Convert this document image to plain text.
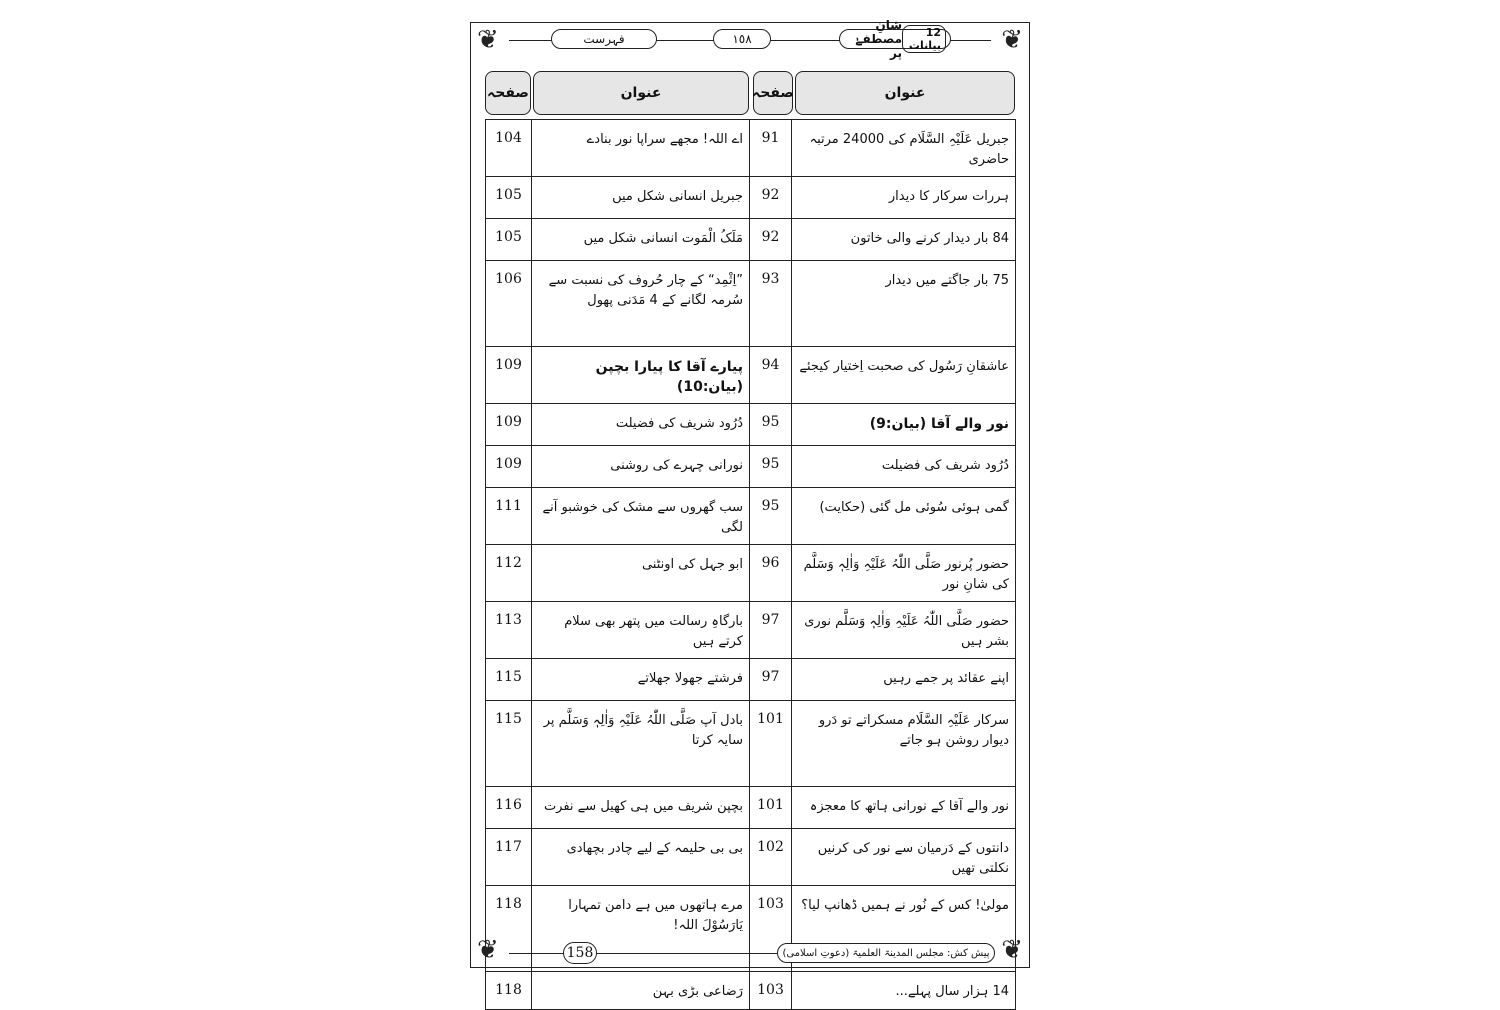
❦	❦
فہرست	١٥٨	12 بیانات
شانِ مصطفےٰ پر
صفحہ	عنوان	صفحہ	عنوان
104	اے اللہ! مجھے سراپا نور بنادے	91	جبریل عَلَیْہِ السَّلَام کی 24000 مرتبہ حاضری
105	جبریل انسانی شکل میں	92	ہررات سرکار کا دیدار
105	مَلَکُ الْمَوت انسانی شکل میں	92	84 بار دیدار کرنے والی خاتون
106	”اِثْمِد“ کے چار حُروف کی نسبت سے سُرمہ لگانے کے 4 مَدَنی پھول	93	75 بار جاگتے میں دیدار
109	پیارے آقا کا پیارا بچپن (بیان:10)	94	عاشقانِ رَسُول کی صحبت اِختیار کیجئے
109	دُرُود شریف کی فضیلت	95	نور والے آقا (بیان:9)
109	نورانی چہرے کی روشنی	95	دُرُود شریف کی فضیلت
111	سب گھروں سے مشک کی خوشبو آنے لگی	95	گمی ہوئی سُوئی مل گئی (حکایت)
112	ابو جہل کی اونٹنی	96	حضور پُرنور صَلَّی اللّٰہُ عَلَیْہِ وَاٰلِہٖ وَسَلَّم کی شانِ نور
113	بارگاہِ رسالت میں پتھر بھی سلام کرتے ہیں	97	حضور صَلَّی اللّٰہُ عَلَیْہِ وَاٰلِہٖ وَسَلَّم نوری بشر ہیں
115	فرشتے جھولا جھلاتے	97	اپنے عقائد پر جمے رہیں
115	بادل آپ صَلَّی اللّٰہُ عَلَیْہِ وَاٰلِہٖ وَسَلَّم پر سایہ کرتا	101	سرکار عَلَیْہِ السَّلَام مسکراتے تو دَرو دیوار روشن ہو جاتے
116	بچپن شریف میں ہی کھیل سے نفرت	101	نور والے آقا کے نورانی ہاتھ کا معجزہ
117	بی بی حلیمہ کے لیے چادر بچھادی	102	دانتوں کے دَرمیان سے نور کی کرنیں نکلتی تھیں
118	مرے ہاتھوں میں ہے دامن تمہارا یَارَسُوْلَ اللہ!	103	مولیٰ! کس کے نُور نے ہمیں ڈھانپ لیا؟
118	رَضاعی بڑی بہن	103	14 ہزار سال پہلے...
❦	❦
158	پیش کش: مجلس المدینۃ العلمیۃ (دعوتِ اسلامی)
